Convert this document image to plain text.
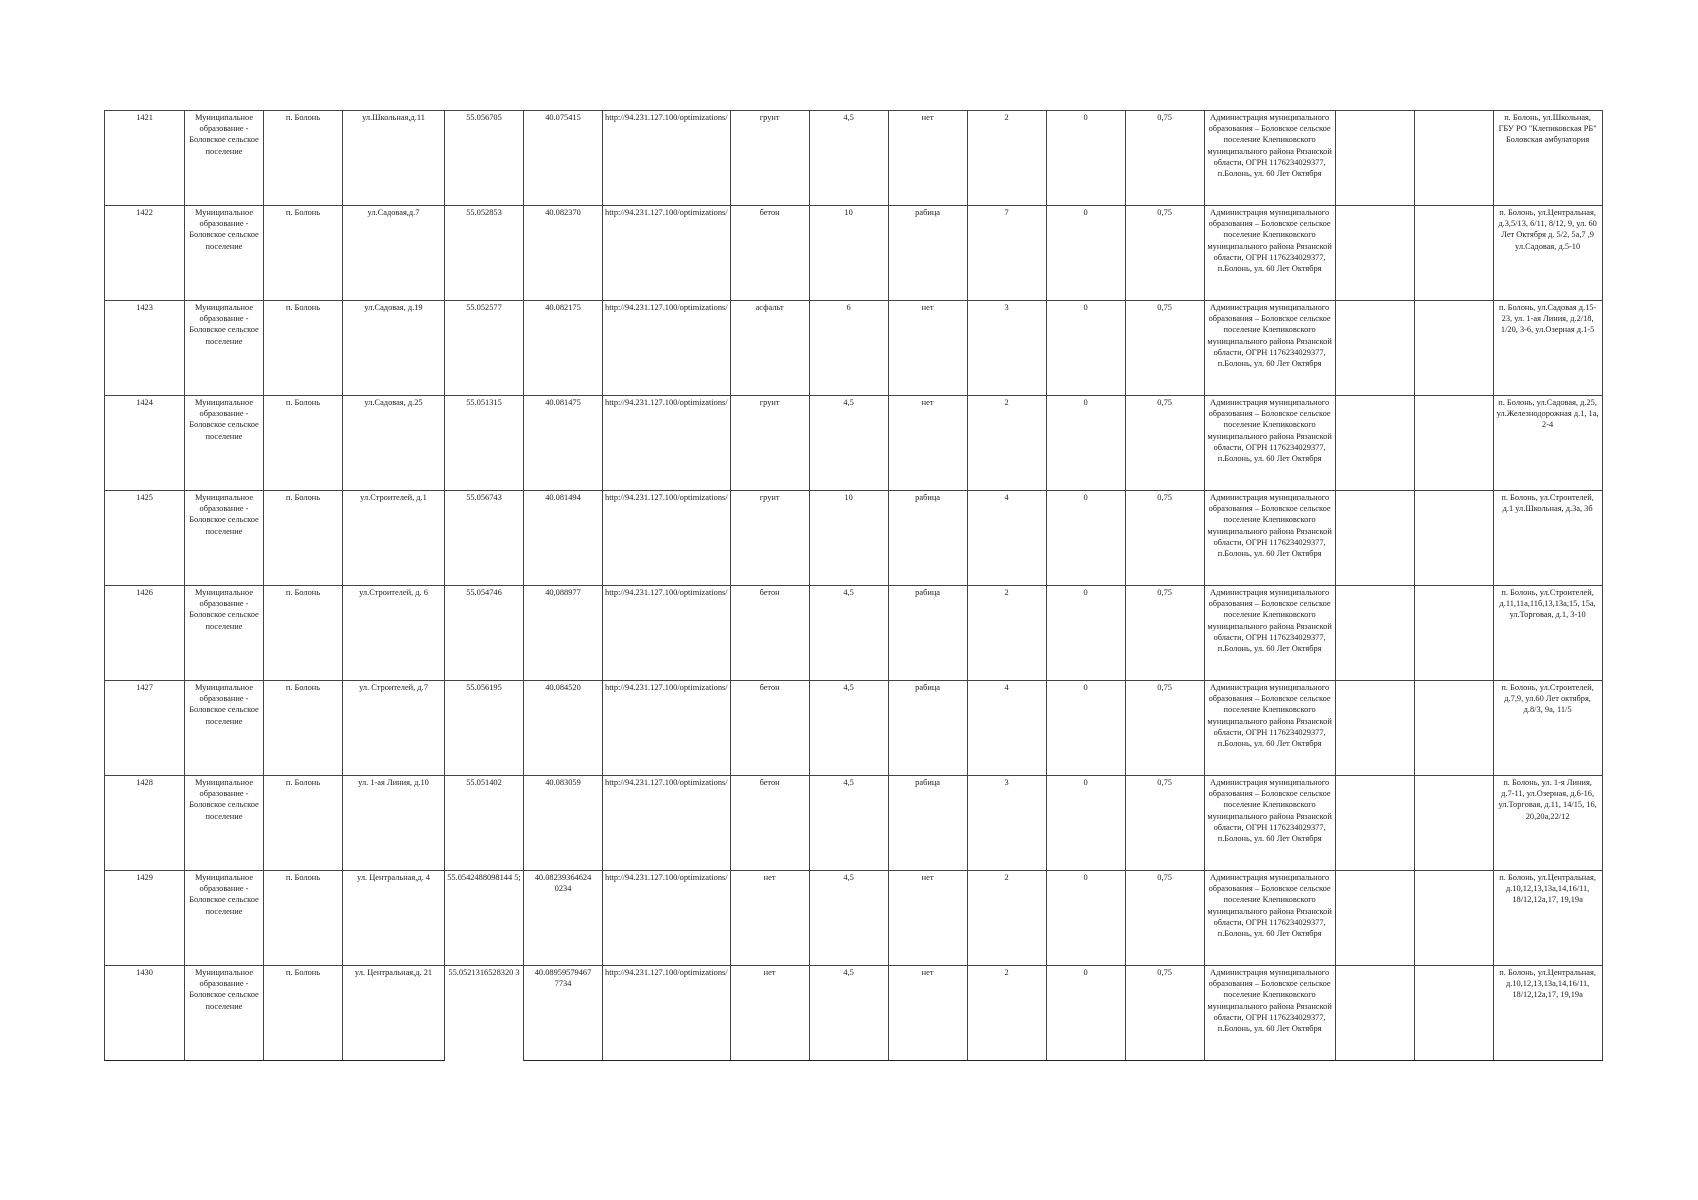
1421	Муниципальное образование - Боловское сельское поселение	п. Болонь	ул.Школьная,д.11	55.056705	40.075415	http://94.231.127.100/optimizations/	грунт	4,5	нет	2	0	0,75	Администрация муниципального образования – Боловское сельское поселение Клепиковского муниципального района Рязанской области, ОГРН 1176234029377, п.Болонь, ул. 60 Лет Октября			п. Болонь, ул.Школьная, ГБУ РО "Клепиковская РБ" Боловская амбулатория
1422	Муниципальное образование - Боловское сельское поселение	п. Болонь	ул.Садовая,д.7	55.052853	40.082370	http://94.231.127.100/optimizations/	бетон	10	рабица	7	0	0,75	Администрация муниципального образования – Боловское сельское поселение Клепиковского муниципального района Рязанской области, ОГРН 1176234029377, п.Болонь, ул. 60 Лет Октября			п. Болонь, ул.Центральная, д.3,5/13, 6/11, 8/12, 9, ул. 60 Лет Октября д. 5/2, 5а,7 ,9 ул.Садовая, д.5-10
1423	Муниципальное образование - Боловское сельское поселение	п. Болонь	ул.Садовая, д.19	55.052577	40.082175	http://94.231.127.100/optimizations/	асфальт	6	нет	3	0	0,75	Администрация муниципального образования – Боловское сельское поселение Клепиковского муниципального района Рязанской области, ОГРН 1176234029377, п.Болонь, ул. 60 Лет Октября			п. Болонь, ул.Садовая д.15-23, ул. 1-ая Линия, д.2/18, 1/20, 3-6, ул.Озерная д.1-5
1424	Муниципальное образование - Боловское сельское поселение	п. Болонь	ул.Садовая, д.25	55.051315	40.081475	http://94.231.127.100/optimizations/	грунт	4,5	нет	2	0	0,75	Администрация муниципального образования – Боловское сельское поселение Клепиковского муниципального района Рязанской области, ОГРН 1176234029377, п.Болонь, ул. 60 Лет Октября			п. Болонь, ул.Садовая, д.25, ул.Железнодорожная д.1, 1а, 2-4
1425	Муниципальное образование - Боловское сельское поселение	п. Болонь	ул.Строителей, д.1	55.056743	40.081494	http://94.231.127.100/optimizations/	грунт	10	рабица	4	0	0,75	Администрация муниципального образования – Боловское сельское поселение Клепиковского муниципального района Рязанской области, ОГРН 1176234029377, п.Болонь, ул. 60 Лет Октября			п. Болонь, ул.Строителей, д.1 ул.Школьная, д.3а, 3б
1426	Муниципальное образование - Боловское сельское поселение	п. Болонь	ул.Строителей, д. 6	55.054746	40,088977	http://94.231.127.100/optimizations/	бетон	4,5	рабица	2	0	0,75	Администрация муниципального образования – Боловское сельское поселение Клепиковского муниципального района Рязанской области, ОГРН 1176234029377, п.Болонь, ул. 60 Лет Октября			п. Болонь, ул.Строителей, д.11,11а,11б,13,13а,15, 15а, ул.Торговая, д.1, 3-10
1427	Муниципальное образование - Боловское сельское поселение	п. Болонь	ул. Строителей, д.7	55.056195	40.084520	http://94.231.127.100/optimizations/	бетон	4,5	рабица	4	0	0,75	Администрация муниципального образования – Боловское сельское поселение Клепиковского муниципального района Рязанской области, ОГРН 1176234029377, п.Болонь, ул. 60 Лет Октября			п. Болонь, ул.Строителей, д.7,9, ул.60 Лет октября, д.8/3, 9а, 11/5
1428	Муниципальное образование - Боловское сельское поселение	п. Болонь	ул. 1-ая Линия, д.10	55.051402	40.083059	http://94.231.127.100/optimizations/	бетон	4,5	рабица	3	0	0,75	Администрация муниципального образования – Боловское сельское поселение Клепиковского муниципального района Рязанской области, ОГРН 1176234029377, п.Болонь, ул. 60 Лет Октября			п. Болонь, ул. 1-я Линия, д.7-11, ул.Озерная, д.6-16, ул.Торговая, д.11, 14/15, 16, 20,20а,22/12
1429	Муниципальное образование - Боловское сельское поселение	п. Болонь	ул. Центральная,д. 4	55.0542488098144 5;	40.08239364624 0234	http://94.231.127.100/optimizations/	нет	4,5	нет	2	0	0,75	Администрация муниципального образования – Боловское сельское поселение Клепиковского муниципального района Рязанской области, ОГРН 1176234029377, п.Болонь, ул. 60 Лет Октября			п. Болонь, ул.Центральная, д.10,12,13,13а,14,16/11, 18/12,12а,17, 19,19а
1430	Муниципальное образование - Боловское сельское поселение	п. Болонь	ул. Центральная,д. 21	55.0521316528320 3	40.08959579467 7734	http://94.231.127.100/optimizations/	нет	4,5	нет	2	0	0,75	Администрация муниципального образования – Боловское сельское поселение Клепиковского муниципального района Рязанской области, ОГРН 1176234029377, п.Болонь, ул. 60 Лет Октября			п. Болонь, ул.Центральная, д.10,12,13,13а,14,16/11, 18/12,12а,17, 19,19а
